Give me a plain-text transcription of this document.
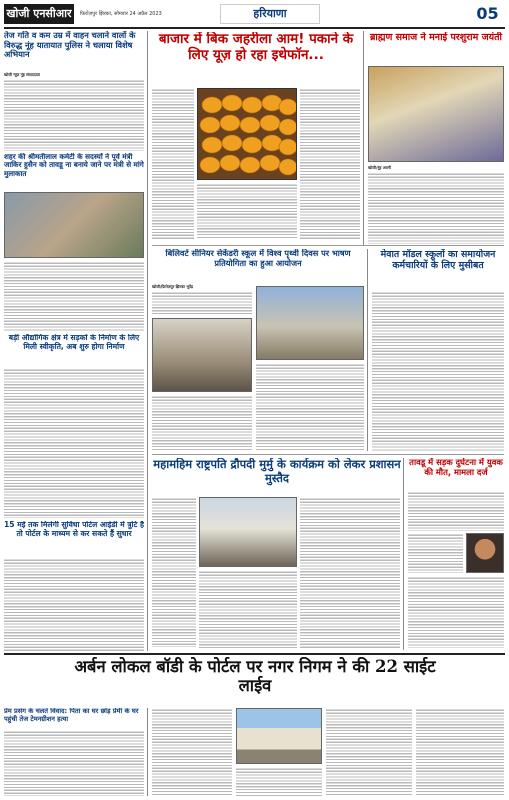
खोजी एनसीआर	फ़िरोज़पुर झिरका, सोमवार 24 अप्रैल 2023	हरियाणा	05
तेज गति व कम उम्र में वाहन चलाने वालों के विरुद्ध नूंह यातायात पुलिस ने चलाया विशेष अभियान
खोजी न्यूज़ नूंह संवाददाता
शहर की श्रीमतीलाल कमेटी के सदस्यों ने पूर्व मंत्री जाकिर हुसैन को तावडू ना बनाये जाने पर मंत्री से मांगे मुलाकात
बड़ी औद्योगिक क्षेत्र में सड़कों के निर्माण के लिए मिली स्वीकृति, अब शुरु होगा निर्माण
15 मई तक मिलेगी सुविधा पोर्टल आईडी में त्रुटि है तो पोर्टल के माध्यम से कर सकते हैं सुधार
बाजार में बिक जहरीला आम! पकाने के लिए यूज़ हो रहा इथेफॉन...
ब्राह्मण समाज ने मनाई परशुराम जयंती
खोजी/नूंह अवनी
बिलिवर्ट सीनियर सेकेंडरी स्कूल में विश्व पृथ्वी दिवस पर भाषण प्रतियोगिता का हुआ आयोजन
खोजी/फ़िरोज़पुर झिरका भूपेंद्र
मेवात मॉडल स्कूलों का समायोजन कर्मचारियों के लिए मुसीबत
महामहिम राष्ट्रपति द्रौपदी मुर्मु के कार्यक्रम को लेकर प्रशासन मुस्तैद
तावडू में सड़क दुर्घटना में युवक की मौत, मामला दर्ज
अर्बन लोकल बॉडी के पोर्टल पर नगर निगम ने की 22 साईट लाईव
प्रेम प्रसंग के चलते विवाद: पिता का घर छोड़ प्रेमी के घर पहुंची तेज टेमनग्रीशन हत्या
